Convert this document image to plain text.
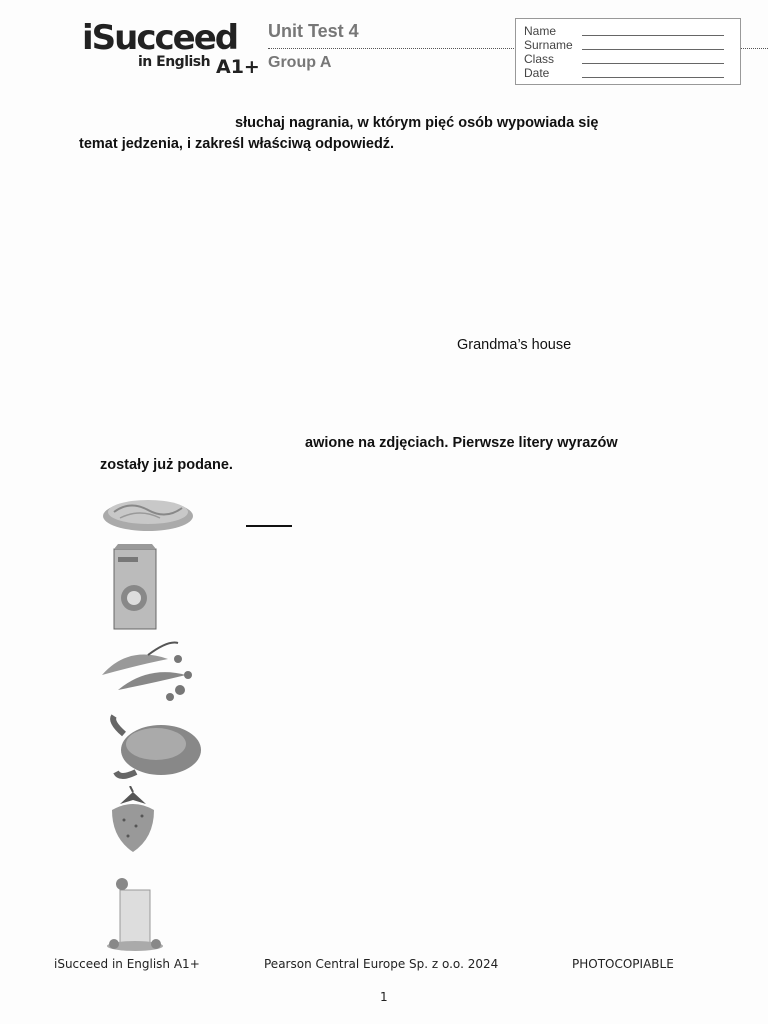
iSucceed
in English A1+
Unit Test 4
Group A
Name
Surname
Class
Date
słuchaj nagrania, w którym pięć osób wypowiada się
temat jedzenia, i zakreśl właściwą odpowiedź.
Grandma’s house
awione na zdjęciach. Pierwsze litery wyrazów
zostały już podane.
iSucceed in English A1+	Pearson Central Europe Sp. z o.o. 2024	PHOTOCOPIABLE
1
